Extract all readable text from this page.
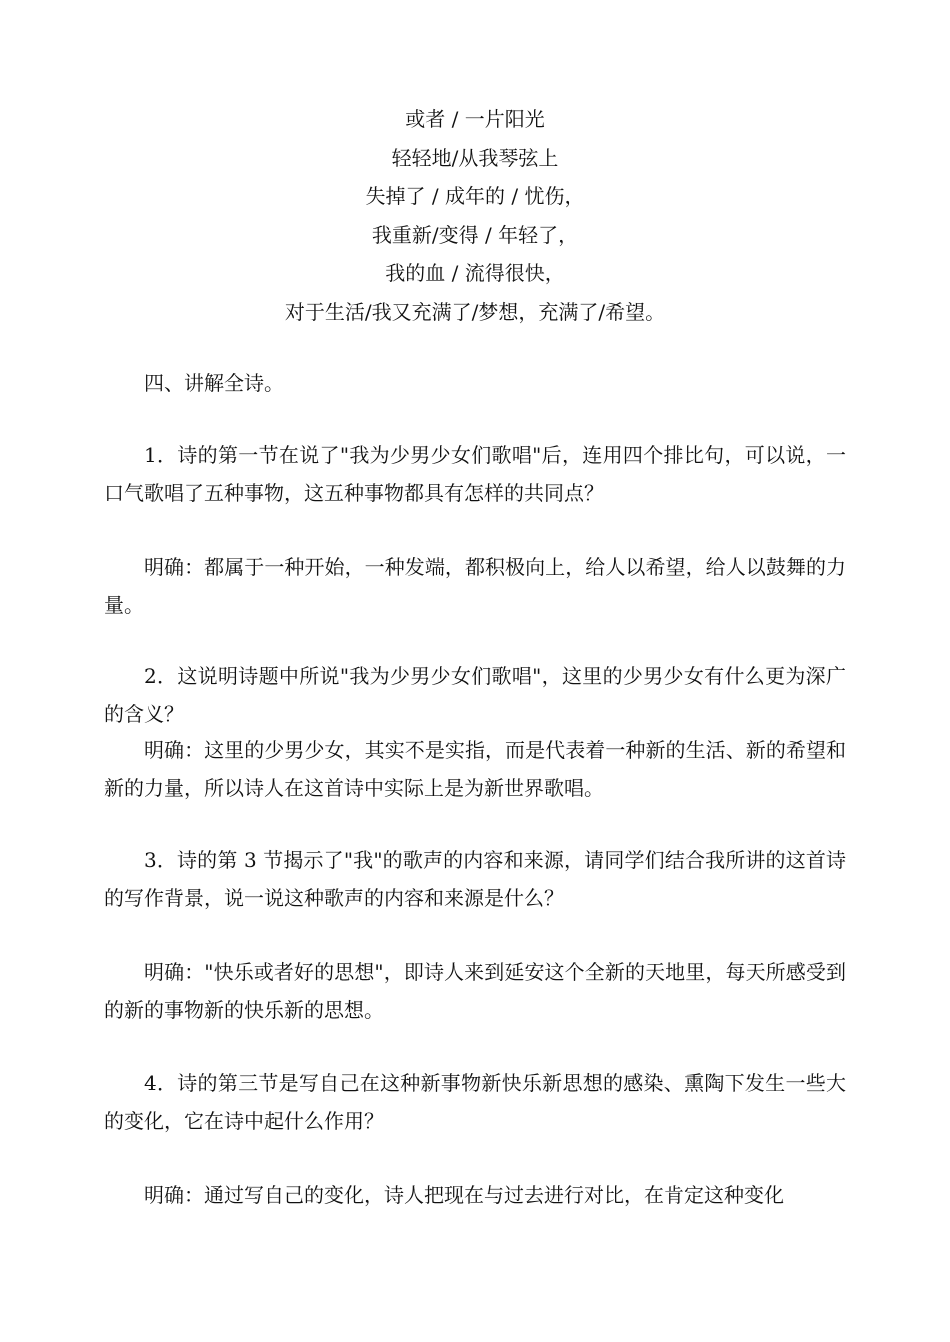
或者 / 一片阳光
轻轻地/从我琴弦上
失掉了 / 成年的 / 忧伤，
我重新/变得 / 年轻了，
我的血 / 流得很快，
对于生活/我又充满了/梦想，充满了/希望。

四、讲解全诗。

1．诗的第一节在说了"我为少男少女们歌唱"后，连用四个排比句，可以说，一口气歌唱了五种事物，这五种事物都具有怎样的共同点？

明确：都属于一种开始，一种发端，都积极向上，给人以希望，给人以鼓舞的力量。

2．这说明诗题中所说"我为少男少女们歌唱"，这里的少男少女有什么更为深广的含义？

明确：这里的少男少女，其实不是实指，而是代表着一种新的生活、新的希望和新的力量，所以诗人在这首诗中实际上是为新世界歌唱。

3．诗的第 3 节揭示了"我"的歌声的内容和来源，请同学们结合我所讲的这首诗的写作背景，说一说这种歌声的内容和来源是什么？

明确："快乐或者好的思想"，即诗人来到延安这个全新的天地里，每天所感受到的新的事物新的快乐新的思想。

4．诗的第三节是写自己在这种新事物新快乐新思想的感染、熏陶下发生一些大的变化，它在诗中起什么作用？

明确：通过写自己的变化，诗人把现在与过去进行对比，在肯定这种变化
